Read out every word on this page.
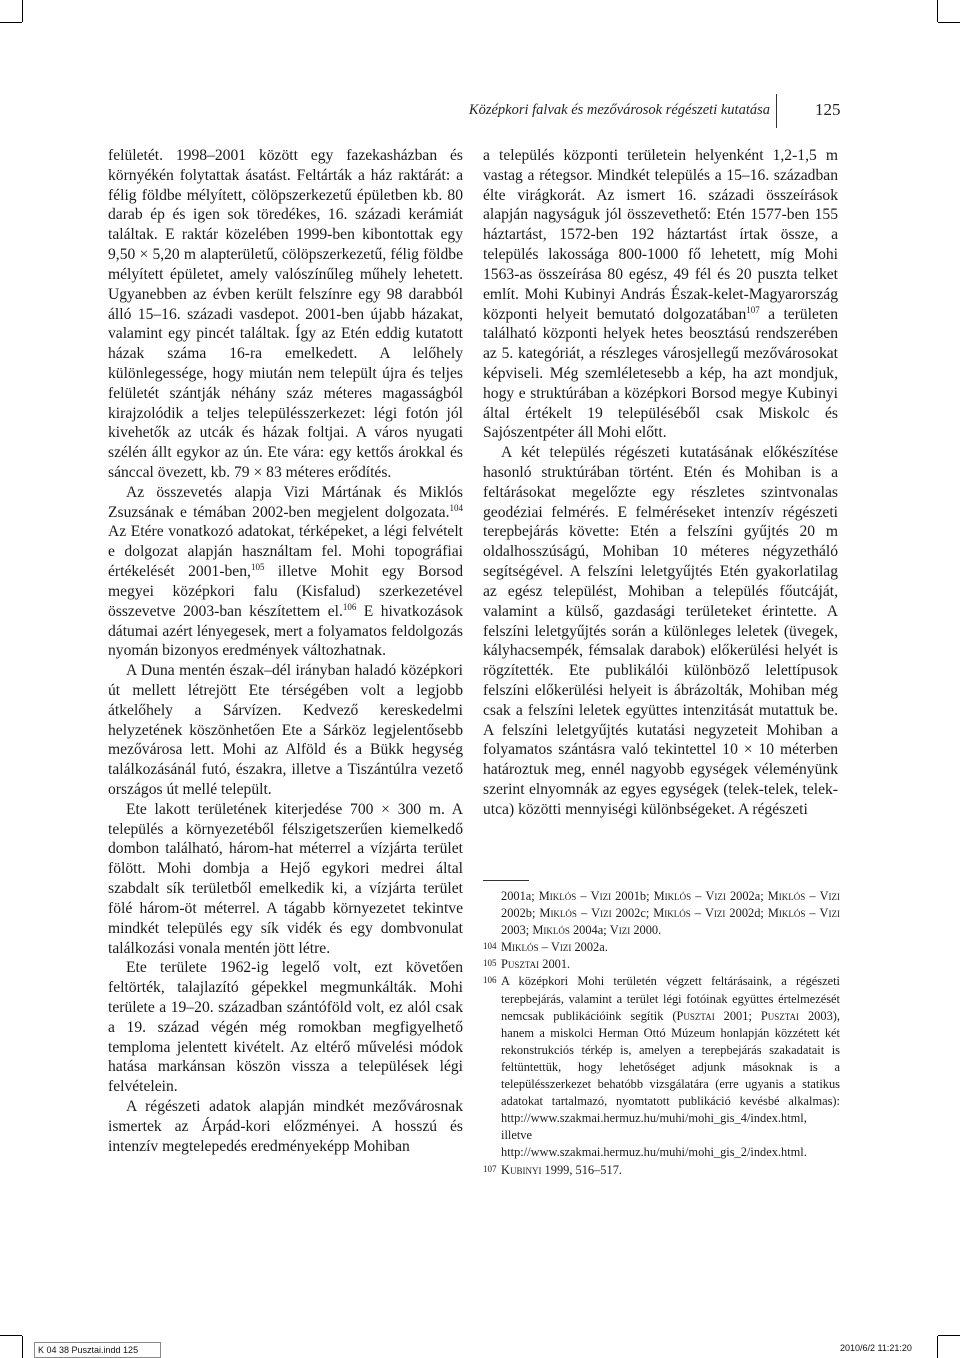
Középkori falvak és mezővárosok régészeti kutatása	125

felületét. 1998–2001 között egy fazekasházban és környékén folytattak ásatást. Feltárták a ház raktárát: a félig földbe mélyített, cölöpszerkezetű épületben kb. 80 darab ép és igen sok töredékes, 16. századi kerámiát találtak. E raktár közelében 1999-ben kibontottak egy 9,50 × 5,20 m alapterületű, cölöpszerkezetű, félig földbe mélyített épületet, amely valószínűleg műhely lehetett. Ugyanebben az évben került felszínre egy 98 darabból álló 15–16. századi vasdepot. 2001-ben újabb házakat, valamint egy pincét találtak. Így az Etén eddig kutatott házak száma 16-ra emelkedett. A lelőhely különlegessége, hogy miután nem települt újra és teljes felületét szántják néhány száz méteres magasságból kirajzolódik a teljes településszerkezet: légi fotón jól kivehetők az utcák és házak foltjai. A város nyugati szélén állt egykor az ún. Ete vára: egy kettős árokkal és sánccal övezett, kb. 79 × 83 méteres erődítés.

Az összevetés alapja Vizi Mártának és Miklós Zsuzsának e témában 2002-ben megjelent dolgozata.$^{104}$ Az Etére vonatkozó adatokat, térképeket, a légi felvételt e dolgozat alapján használtam fel. Mohi topográfiai értékelését 2001-ben,$^{105}$ illetve Mohit egy Borsod megyei középkori falu (Kisfalud) szerkezetével összevetve 2003-ban készítettem el.$^{106}$ E hivatkozások dátumai azért lényegesek, mert a folyamatos feldolgozás nyomán bizonyos eredmények változhatnak.

A Duna mentén észak–dél irányban haladó középkori út mellett létrejött Ete térségében volt a legjobb átkelőhely a Sárvízen. Kedvező kereskedelmi helyzetének köszönhetően Ete a Sárköz legjelentősebb mezővárosa lett. Mohi az Alföld és a Bükk hegység találkozásánál futó, északra, illetve a Tiszántúlra vezető országos út mellé települt.

Ete lakott területének kiterjedése 700 × 300 m. A település a környezetéből félszigetszerűen kiemelkedő dombon található, három-hat méterrel a vízjárta terület fölött. Mohi dombja a Hejő egykori medrei által szabdalt sík területből emelkedik ki, a vízjárta terület fölé három-öt méterrel. A tágabb környezetet tekintve mindkét település egy sík vidék és egy dombvonulat találkozási vonala mentén jött létre.

Ete területe 1962-ig legelő volt, ezt követően feltörték, talajlazító gépekkel megmunkálták. Mohi területe a 19–20. században szántóföld volt, ez alól csak a 19. század végén még romokban megfigyelhető temploma jelentett kivételt. Az eltérő művelési módok hatása markánsan köszön vissza a települések légi felvételein.

A régészeti adatok alapján mindkét mezővárosnak ismertek az Árpád-kori előzményei. A hosszú és intenzív megtelepedés eredményeképp Mohiban

a település központi területein helyenként 1,2-1,5 m vastag a rétegsor. Mindkét település a 15–16. században élte virágkorát. Az ismert 16. századi összeírások alapján nagyságuk jól összevethető: Etén 1577-ben 155 háztartást, 1572-ben 192 háztartást írtak össze, a település lakossága 800-1000 fő lehetett, míg Mohi 1563-as összeírása 80 egész, 49 fél és 20 puszta telket említ. Mohi Kubinyi András Észak-kelet-Magyarország központi helyeit bemutató dolgozatában$^{107}$ a területen található központi helyek hetes beosztású rendszerében az 5. kategóriát, a részleges városjellegű mezővárosokat képviseli. Még szemléletesebb a kép, ha azt mondjuk, hogy e struktúrában a középkori Borsod megye Kubinyi által értékelt 19 településéből csak Miskolc és Sajószentpéter áll Mohi előtt.

A két település régészeti kutatásának előkészítése hasonló struktúrában történt. Etén és Mohiban is a feltárásokat megelőzte egy részletes szintvonalas geodéziai felmérés. E felméréseket intenzív régészeti terepbejárás követte: Etén a felszíni gyűjtés 20 m oldalhosszúságú, Mohiban 10 méteres négyzetháló segítségével. A felszíni leletgyűjtés Etén gyakorlatilag az egész települést, Mohiban a település főutcáját, valamint a külső, gazdasági területeket érintette. A felszíni leletgyűjtés során a különleges leletek (üvegek, kályhacsempék, fémsalak darabok) előkerülési helyét is rögzítették. Ete publikálói különböző lelettípusok felszíni előkerülési helyeit is ábrázolták, Mohiban még csak a felszíni leletek együttes intenzitását mutattuk be. A felszíni leletgyűjtés kutatási negyzeteit Mohiban a folyamatos szántásra való tekintettel 10 × 10 méterben határoztuk meg, ennél nagyobb egységek véleményünk szerint elnyomnák az egyes egységek (telek-telek, telek-utca) közötti mennyiségi különbségeket. A régészeti

2001a; Miklós – Vizi 2001b; Miklós – Vizi 2002a; Miklós – Vizi 2002b; Miklós – Vizi 2002c; Miklós – Vizi 2002d; Miklós – Vizi 2003; Miklós 2004a; Vizi 2000.

104 Miklós – Vizi 2002a.

105 Pusztai 2001.

106 A középkori Mohi területén végzett feltárásaink, a régészeti terepbejárás, valamint a terület légi fotóinak együttes értelmezését nemcsak publikációink segítik (Pusztai 2001; Pusztai 2003), hanem a miskolci Herman Ottó Múzeum honlapján közzétett két rekonstrukciós térkép is, amelyen a terepbejárás szakadatait is feltüntettük, hogy lehetőséget adjunk másoknak is a településszerkezet behatóbb vizsgálatára (erre ugyanis a statikus adatokat tartalmazó, nyomtatott publikáció kevésbé alkalmas): http://www.szakmai.hermuz.hu/muhi/mohi_gis_4/index.html, illetve http://www.szakmai.hermuz.hu/muhi/mohi_gis_2/index.html.

107 Kubinyi 1999, 516–517.

K 04 38 Pusztai.indd 125	2010/6/2 11:21:20
